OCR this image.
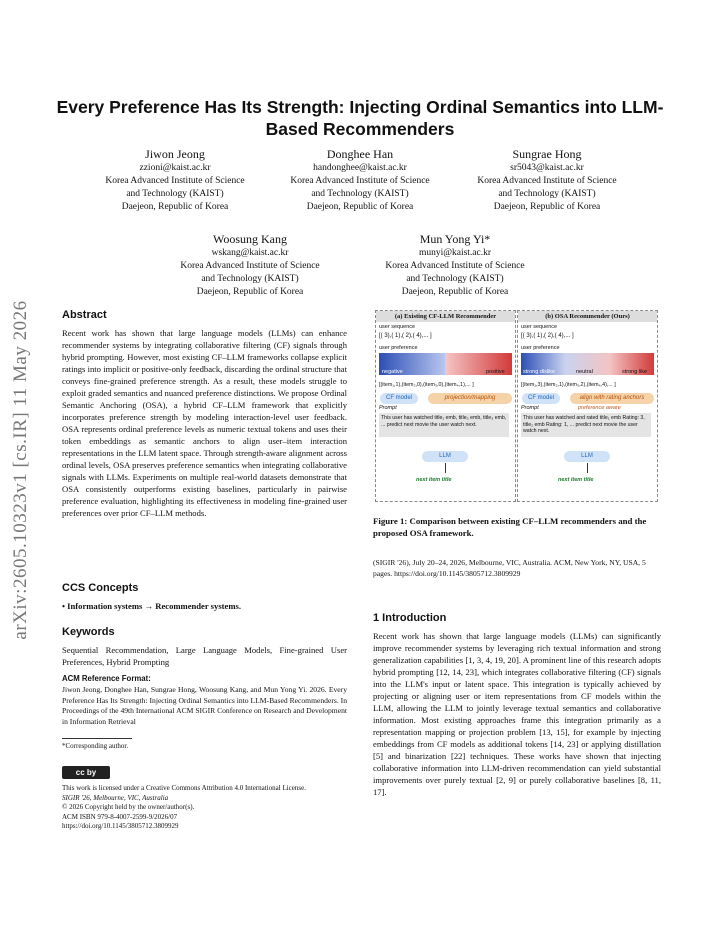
arXiv:2605.10323v1 [cs.IR] 11 May 2026
Every Preference Has Its Strength: Injecting Ordinal Semantics into LLM-Based Recommenders
Jiwon Jeong
zzioni@kaist.ac.kr
Korea Advanced Institute of Science
and Technology (KAIST)
Daejeon, Republic of Korea
Donghee Han
handonghee@kaist.ac.kr
Korea Advanced Institute of Science
and Technology (KAIST)
Daejeon, Republic of Korea
Sungrae Hong
sr5043@kaist.ac.kr
Korea Advanced Institute of Science
and Technology (KAIST)
Daejeon, Republic of Korea
Woosung Kang
wskang@kaist.ac.kr
Korea Advanced Institute of Science
and Technology (KAIST)
Daejeon, Republic of Korea
Mun Yong Yi*
munyi@kaist.ac.kr
Korea Advanced Institute of Science
and Technology (KAIST)
Daejeon, Republic of Korea
Abstract
Recent work has shown that large language models (LLMs) can enhance recommender systems by integrating collaborative filtering (CF) signals through hybrid prompting. However, most existing CF–LLM frameworks collapse explicit ratings into implicit or positive-only feedback, discarding the ordinal structure that conveys fine-grained preference strength. As a result, these models struggle to exploit graded semantics and nuanced preference distinctions. We propose Ordinal Semantic Anchoring (OSA), a hybrid CF–LLM framework that explicitly incorporates preference strength by modeling interaction-level user feedback. OSA represents ordinal preference levels as numeric textual tokens and uses their token embeddings as semantic anchors to align user–item interaction representations in the LLM latent space. Through strength-aware alignment across ordinal levels, OSA preserves preference semantics when integrating collaborative signals with LLMs. Experiments on multiple real-world datasets demonstrate that OSA consistently outperforms existing baselines, particularly in pairwise preference evaluation, highlighting its effectiveness in modeling fine-grained user preferences over prior CF–LLM methods.
CCS Concepts
• Information systems → Recommender systems.
Keywords
Sequential Recommendation, Large Language Models, Fine-grained User Preferences, Hybrid Prompting
ACM Reference Format:
Jiwon Jeong, Donghee Han, Sungrae Hong, Woosung Kang, and Mun Yong Yi. 2026. Every Preference Has Its Strength: Injecting Ordinal Semantics into LLM-Based Recommenders. In Proceedings of the 49th International ACM SIGIR Conference on Research and Development in Information Retrieval
*Corresponding author.
cc by
This work is licensed under a Creative Commons Attribution 4.0 International License.
SIGIR '26, Melbourne, VIC, Australia
© 2026 Copyright held by the owner/author(s).
ACM ISBN 979-8-4007-2599-9/2026/07
https://doi.org/10.1145/3805712.3809929
(a) Existing CF-LLM Recommender
user sequence
[( 3),( 1),( 2),( 4),... ]
user preference
negative	positive
[(item₁,1),(item₂,0),(item₃,0),(item₄,1),... ]
CF model	projection/mapping
Prompt
This user has watched title₁ emb, title₂ emb, title₃ emb, ... predict next movie the user watch next.
LLM
next item title
(b) OSA Recommender (Ours)
user sequence
[( 3),( 1),( 2),( 4),... ]
user preference
strong dislike	neutral	strong like
[(item₁,3),(item₂,1),(item₃,2),(item₄,4),... ]
CF model	align with rating anchors
Prompt	preference aware
This user has watched and rated title₁ emb Rating: 3, title₂ emb Rating: 1, ... predict next movie the user watch next.
LLM
next item title
Figure 1: Comparison between existing CF–LLM recommenders and the proposed OSA framework.
(SIGIR '26), July 20–24, 2026, Melbourne, VIC, Australia. ACM, New York, NY, USA, 5 pages. https://doi.org/10.1145/3805712.3809929
1 Introduction
Recent work has shown that large language models (LLMs) can significantly improve recommender systems by leveraging rich textual information and strong generalization capabilities [1, 3, 4, 19, 20]. A prominent line of this research adopts hybrid prompting [12, 14, 23], which integrates collaborative filtering (CF) signals into the LLM's input or latent space. This integration is typically achieved by projecting or aligning user or item representations from CF models within the LLM, allowing the LLM to jointly leverage textual semantics and collaborative information. Most existing approaches frame this integration primarily as a representation mapping or projection problem [13, 15], for example by injecting embeddings from CF models as additional tokens [14, 23] or applying distillation [5] and binarization [22] techniques. These works have shown that injecting collaborative information into LLM-driven recommendation can yield substantial improvements over purely textual [2, 9] or purely collaborative baselines [8, 11, 17].
